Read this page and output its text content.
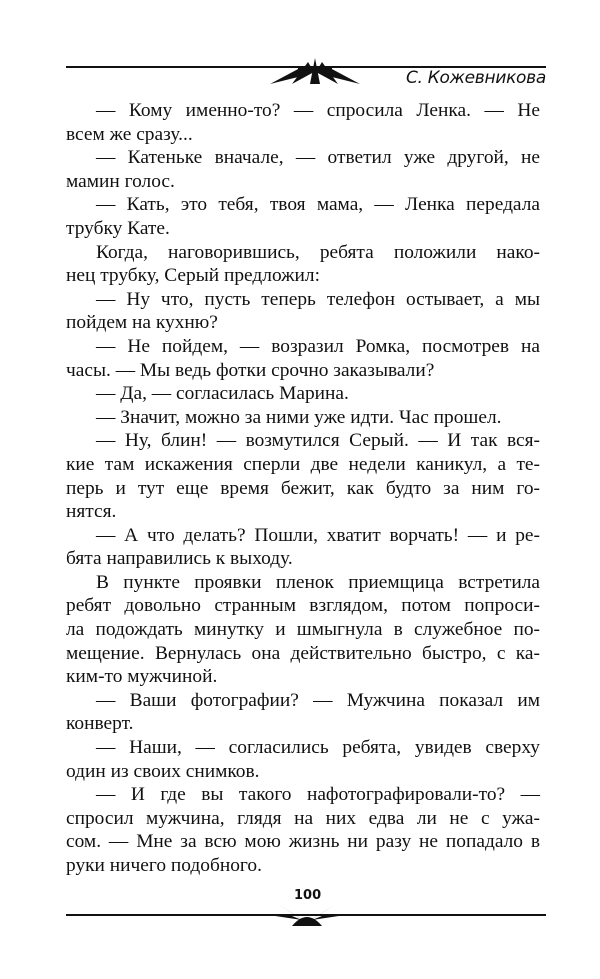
С. Кожевникова
— Кому именно-то? — спросила Ленка. — Не
всем же сразу...
— Катеньке вначале, — ответил уже другой, не
мамин голос.
— Кать, это тебя, твоя мама, — Ленка передала
трубку Кате.
Когда, наговорившись, ребята положили нако-
нец трубку, Серый предложил:
— Ну что, пусть теперь телефон остывает, а мы
пойдем на кухню?
— Не пойдем, — возразил Ромка, посмотрев на
часы. — Мы ведь фотки срочно заказывали?
— Да, — согласилась Марина.
— Значит, можно за ними уже идти. Час прошел.
— Ну, блин! — возмутился Серый. — И так вся-
кие там искажения сперли две недели каникул, а те-
перь и тут еще время бежит, как будто за ним го-
нятся.
— А что делать? Пошли, хватит ворчать! — и ре-
бята направились к выходу.
В пункте проявки пленок приемщица встретила
ребят довольно странным взглядом, потом попроси-
ла подождать минутку и шмыгнула в служебное по-
мещение. Вернулась она действительно быстро, с ка-
ким-то мужчиной.
— Ваши фотографии? — Мужчина показал им
конверт.
— Наши, — согласились ребята, увидев сверху
один из своих снимков.
— И где вы такого нафотографировали-то? —
спросил мужчина, глядя на них едва ли не с ужа-
сом. — Мне за всю мою жизнь ни разу не попадало в
руки ничего подобного.
100
